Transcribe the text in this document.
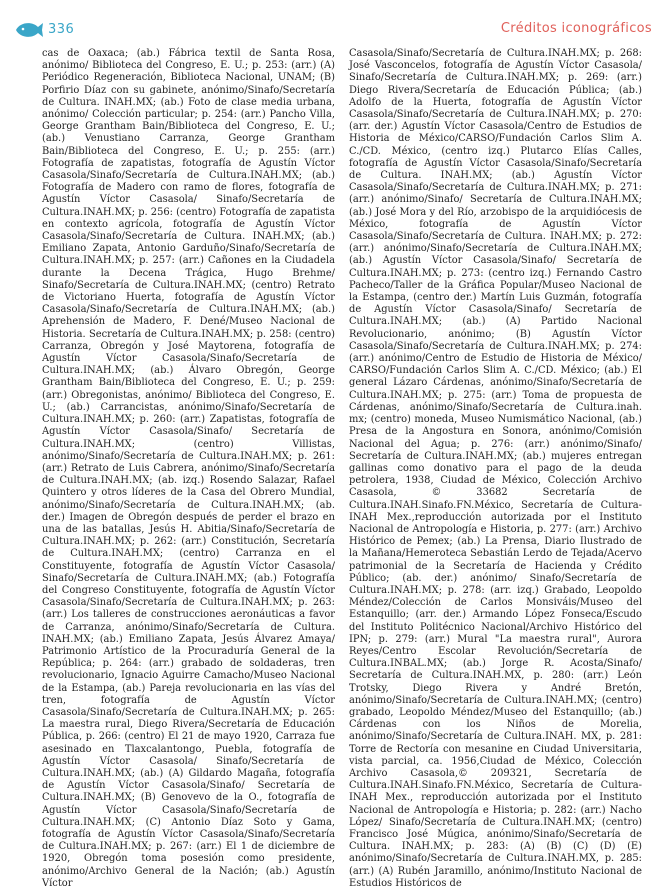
336	Créditos iconográficos

cas de Oaxaca; (ab.) Fábrica textil de Santa Rosa, anónimo/ Biblioteca del Congreso, E. U.; p. 253: (arr.) (A) Periódico Regeneración, Biblioteca Nacional, UNAM; (B) Porfirio Díaz con su gabinete, anónimo/Sinafo/Secretaría de Cultura. INAH.MX; (ab.) Foto de clase media urbana, anónimo/ Colección particular; p. 254: (arr.) Pancho Villa, George Grantham Bain/Biblioteca del Congreso, E. U.; (ab.) Venustiano Carranza, George Grantham Bain/Biblioteca del Congreso, E. U.; p. 255: (arr.) Fotografía de zapatistas, fotografía de Agustín Víctor Casasola/Sinafo/Secretaría de Cultura.INAH.MX; (ab.) Fotografía de Madero con ramo de flores, fotografía de Agustín Víctor Casasola/ Sinafo/Secretaría de Cultura.INAH.MX; p. 256: (centro) Fotografía de zapatista en contexto agrícola, fotografía de Agustín Víctor Casasola/Sinafo/Secretaría de Cultura. INAH.MX; (ab.) Emiliano Zapata, Antonio Garduño/Sinafo/Secretaría de Cultura.INAH.MX; p. 257: (arr.) Cañones en la Ciudadela durante la Decena Trágica, Hugo Brehme/ Sinafo/Secretaría de Cultura.INAH.MX; (centro) Retrato de Victoriano Huerta, fotografía de Agustín Víctor Casasola/Sinafo/Secretaría de Cultura.INAH.MX; (ab.) Aprehensión de Madero, F. Dené/Museo Nacional de Historia. Secretaría de Cultura.INAH.MX; p. 258: (centro) Carranza, Obregón y José Maytorena, fotografía de Agustín Víctor Casasola/Sinafo/Secretaría de Cultura.INAH.MX; (ab.) Álvaro Obregón, George Grantham Bain/Biblioteca del Congreso, E. U.; p. 259: (arr.) Obregonistas, anónimo/ Biblioteca del Congreso, E. U.; (ab.) Carrancistas, anónimo/Sinafo/Secretaría de Cultura.INAH.MX; p. 260: (arr.) Zapatistas, fotografía de Agustín Víctor Casasola/Sinafo/ Secretaría de Cultura.INAH.MX; (centro) Villistas, anónimo/Sinafo/Secretaría de Cultura.INAH.MX; p. 261: (arr.) Retrato de Luis Cabrera, anónimo/Sinafo/Secretaría de Cultura.INAH.MX; (ab. izq.) Rosendo Salazar, Rafael Quintero y otros líderes de la Casa del Obrero Mundial, anónimo/Sinafo/Secretaría de Cultura.INAH.MX; (ab. der.) Imagen de Obregón después de perder el brazo en una de las batallas, Jesús H. Abitia/Sinafo/Secretaría de Cultura.INAH.MX; p. 262: (arr.) Constitución, Secretaría de Cultura.INAH.MX; (centro) Carranza en el Constituyente, fotografía de Agustín Víctor Casasola/ Sinafo/Secretaría de Cultura.INAH.MX; (ab.) Fotografía del Congreso Constituyente, fotografía de Agustín Víctor Casasola/Sinafo/Secretaría de Cultura.INAH.MX; p. 263: (arr.) Los talleres de construcciones aeronáuticas a favor de Carranza, anónimo/Sinafo/Secretaría de Cultura. INAH.MX; (ab.) Emiliano Zapata, Jesús Álvarez Amaya/ Patrimonio Artístico de la Procuraduría General de la República; p. 264: (arr.) grabado de soldaderas, tren revolucionario, Ignacio Aguirre Camacho/Museo Nacional de la Estampa, (ab.) Pareja revolucionaria en las vías del tren, fotografía de Agustín Víctor Casasola/Sinafo/Secretaría de Cultura.INAH.MX; p. 265: La maestra rural, Diego Rivera/Secretaría de Educación Pública, p. 266: (centro) El 21 de mayo 1920, Carraza fue asesinado en Tlaxcalantongo, Puebla, fotografía de Agustín Víctor Casasola/ Sinafo/Secretaría de Cultura.INAH.MX; (ab.) (A) Gildardo Magaña, fotografía de Agustín Víctor Casasola/Sinafo/ Secretaría de Cultura.INAH.MX; (B) Genovevo de la O., fotografía de Agustín Víctor Casasola/Sinafo/Secretaría de Cultura.INAH.MX; (C) Antonio Díaz Soto y Gama, fotografía de Agustín Víctor Casasola/Sinafo/Secretaría de Cultura.INAH.MX; p. 267: (arr.) El 1 de diciembre de 1920, Obregón toma posesión como presidente, anónimo/Archivo General de la Nación; (ab.) Agustín Víctor

Casasola/Sinafo/Secretaría de Cultura.INAH.MX; p. 268: José Vasconcelos, fotografía de Agustín Víctor Casasola/ Sinafo/Secretaría de Cultura.INAH.MX; p. 269: (arr.) Diego Rivera/Secretaría de Educación Pública; (ab.) Adolfo de la Huerta, fotografía de Agustín Víctor Casasola/Sinafo/Secretaría de Cultura.INAH.MX; p. 270: (arr. der.) Agustín Víctor Casasola/Centro de Estudios de Historia de México/CARSO/Fundación Carlos Slim A. C./CD. México, (centro izq.) Plutarco Elías Calles, fotografía de Agustín Víctor Casasola/Sinafo/Secretaría de Cultura. INAH.MX; (ab.) Agustín Víctor Casasola/Sinafo/Secretaría de Cultura.INAH.MX; p. 271: (arr.) anónimo/Sinafo/ Secretaría de Cultura.INAH.MX; (ab.) José Mora y del Río, arzobispo de la arquidiócesis de México, fotografía de Agustín Víctor Casasola/Sinafo/Secretaría de Cultura. INAH.MX; p. 272: (arr.) anónimo/Sinafo/Secretaría de Cultura.INAH.MX; (ab.) Agustín Víctor Casasola/Sinafo/ Secretaría de Cultura.INAH.MX; p. 273: (centro izq.) Fernando Castro Pacheco/Taller de la Gráfica Popular/Museo Nacional de la Estampa, (centro der.) Martín Luis Guzmán, fotografía de Agustín Víctor Casasola/Sinafo/ Secretaría de Cultura.INAH.MX; (ab.) (A) Partido Nacional Revolucionario, anónimo; (B) Agustín Víctor Casasola/Sinafo/Secretaría de Cultura.INAH.MX; p. 274: (arr.) anónimo/Centro de Estudio de Historia de México/ CARSO/Fundación Carlos Slim A. C./CD. México; (ab.) El general Lázaro Cárdenas, anónimo/Sinafo/Secretaría de Cultura.INAH.MX; p. 275: (arr.) Toma de propuesta de Cárdenas, anónimo/Sinafo/Secretaría de Cultura.inah. mx; (centro) moneda, Museo Numismático Nacional, (ab.) Presa de la Angostura en Sonora, anónimo/Comisión Nacional del Agua; p. 276: (arr.) anónimo/Sinafo/ Secretaría de Cultura.INAH.MX; (ab.) mujeres entregan gallinas como donativo para el pago de la deuda petrolera, 1938, Ciudad de México, Colección Archivo Casasola, © 33682 Secretaría de Cultura.INAH.Sinafo.FN.México, Secretaría de Cultura-INAH Mex.,reproducción autorizada por el Instituto Nacional de Antropología e Historia, p. 277: (arr.) Archivo Histórico de Pemex; (ab.) La Prensa, Diario Ilustrado de la Mañana/Hemeroteca Sebastián Lerdo de Tejada/Acervo patrimonial de la Secretaría de Hacienda y Crédito Público; (ab. der.) anónimo/ Sinafo/Secretaría de Cultura.INAH.MX; p. 278: (arr. izq.) Grabado, Leopoldo Méndez/Colección de Carlos Monsiváis/Museo del Estanquillo; (arr. der.) Armando López Fonseca/Escudo del Instituto Politécnico Nacional/Archivo Histórico del IPN; p. 279: (arr.) Mural "La maestra rural", Aurora Reyes/Centro Escolar Revolución/Secretaría de Cultura.INBAL.MX; (ab.) Jorge R. Acosta/Sinafo/ Secretaría de Cultura.INAH.MX, p. 280: (arr.) León Trotsky, Diego Rivera y André Bretón, anónimo/Sinafo/Secretaría de Cultura.INAH.MX; (centro) grabado, Leopoldo Méndez/Museo del Estanquillo; (ab.) Cárdenas con los Niños de Morelia, anónimo/Sinafo/Secretaría de Cultura.INAH. MX, p. 281: Torre de Rectoría con mesanine en Ciudad Universitaria, vista parcial, ca. 1956,Ciudad de México, Colección Archivo Casasola,© 209321, Secretaría de Cultura.INAH.Sinafo.FN.México, Secretaría de Cultura-INAH Mex., reproducción autorizada por el Instituto Nacional de Antropología e Historia; p. 282: (arr.) Nacho López/ Sinafo/Secretaría de Cultura.INAH.MX; (centro) Francisco José Múgica, anónimo/Sinafo/Secretaría de Cultura. INAH.MX; p. 283: (A) (B) (C) (D) (E) anónimo/Sinafo/Secretaría de Cultura.INAH.MX, p. 285: (arr.) (A) Rubén Jaramillo, anónimo/Instituto Nacional de Estudios Históricos de
